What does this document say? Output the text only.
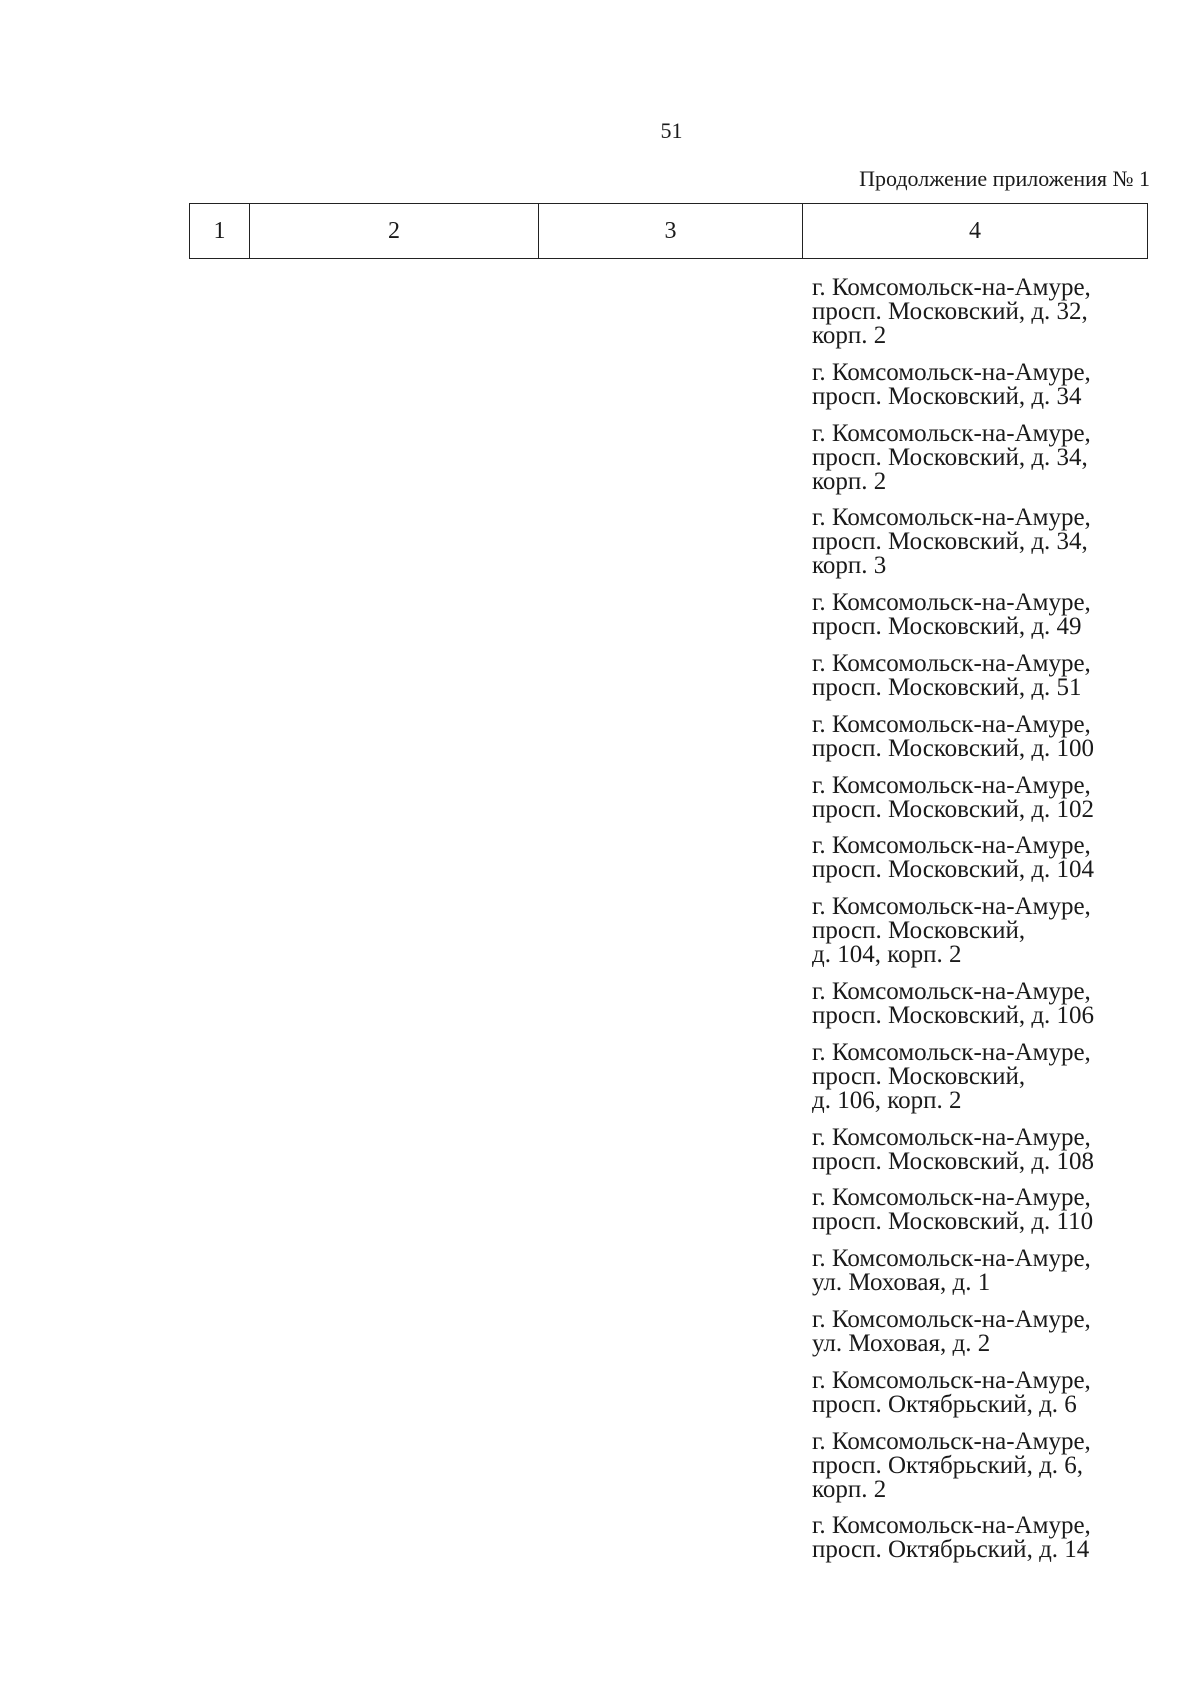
51
Продолжение приложения № 1
1	2	3	4
г. Комсомольск-на-Амуре,
просп. Московский, д. 32,
корп. 2
г. Комсомольск-на-Амуре,
просп. Московский, д. 34
г. Комсомольск-на-Амуре,
просп. Московский, д. 34,
корп. 2
г. Комсомольск-на-Амуре,
просп. Московский, д. 34,
корп. 3
г. Комсомольск-на-Амуре,
просп. Московский, д. 49
г. Комсомольск-на-Амуре,
просп. Московский, д. 51
г. Комсомольск-на-Амуре,
просп. Московский, д. 100
г. Комсомольск-на-Амуре,
просп. Московский, д. 102
г. Комсомольск-на-Амуре,
просп. Московский, д. 104
г. Комсомольск-на-Амуре,
просп. Московский,
д. 104, корп. 2
г. Комсомольск-на-Амуре,
просп. Московский, д. 106
г. Комсомольск-на-Амуре,
просп. Московский,
д. 106, корп. 2
г. Комсомольск-на-Амуре,
просп. Московский, д. 108
г. Комсомольск-на-Амуре,
просп. Московский, д. 110
г. Комсомольск-на-Амуре,
ул. Моховая, д. 1
г. Комсомольск-на-Амуре,
ул. Моховая, д. 2
г. Комсомольск-на-Амуре,
просп. Октябрьский, д. 6
г. Комсомольск-на-Амуре,
просп. Октябрьский, д. 6,
корп. 2
г. Комсомольск-на-Амуре,
просп. Октябрьский, д. 14
